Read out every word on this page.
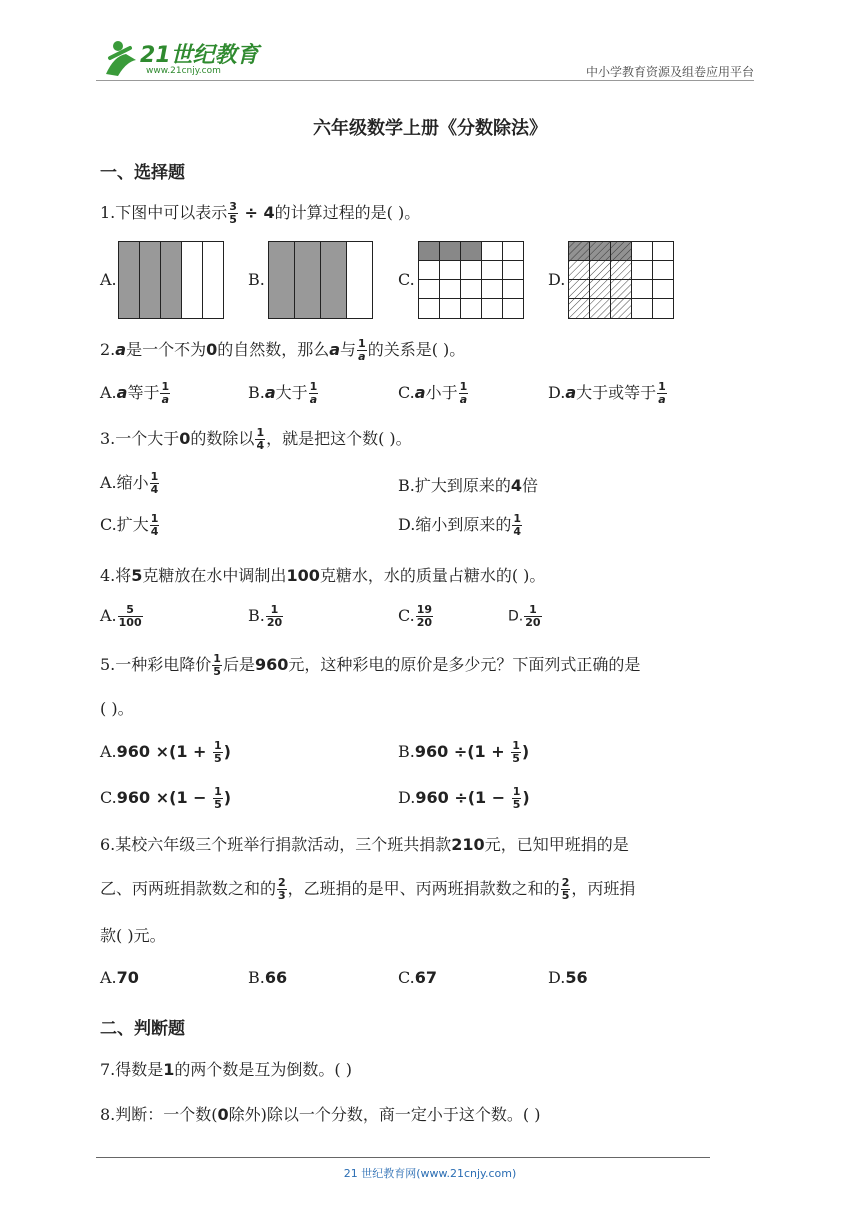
21世纪教育
www.21cnjy.com	中小学教育资源及组卷应用平台
六年级数学上册《分数除法》
一、选择题
1.下图中可以表示 $\frac{3}{5} \div 4$的计算过程的是( )。
A.	B.	C.	D.
2.a是一个不为0的自然数，那么a与 $\frac{1}{a}$ 的关系是( )。
A.a等于 $\frac{1}{a}$	B.a大于 $\frac{1}{a}$	C.a小于 $\frac{1}{a}$	D.a大于或等于 $\frac{1}{a}$
3.一个大于0的数除以 $\frac{1}{4}$ ，就是把这个数( )。
A.缩小 $\frac{1}{4}$	B.扩大到原来的4倍
C.扩大 $\frac{1}{4}$	D.缩小到原来的 $\frac{1}{4}$
4.将5克糖放在水中调制出100克糖水，水的质量占糖水的( )。
A. $\frac{5}{100}$	B. $\frac{1}{20}$	C. $\frac{19}{20}$	D. $\frac{1}{20}$
5.一种彩电降价 $\frac{1}{5}$ 后是960元，这种彩电的原价是多少元？下面列式正确的是
( )。
$A.960 \times(1 + \frac{1}{5}$ )	$B.960 \div(1 + \frac{1}{5}$ )
$C.960 \times(1 - \frac{1}{5}$ )	$D.960 \div(1 - \frac{1}{5}$ )
6.某校六年级三个班举行捐款活动，三个班共捐款210元，已知甲班捐的是
乙、丙两班捐款数之和的 $\frac{2}{3}$ ，乙班捐的是甲、丙两班捐款数之和的 $\frac{2}{5}$ ，丙班捐
款( )元。
A.70	B.66	C.67	D.56
二、判断题
7.得数是1的两个数是互为倒数。( )
8.判断：一个数(0除外)除以一个分数，商一定小于这个数。( )
21 世纪教育网(www.21cnjy.com)
